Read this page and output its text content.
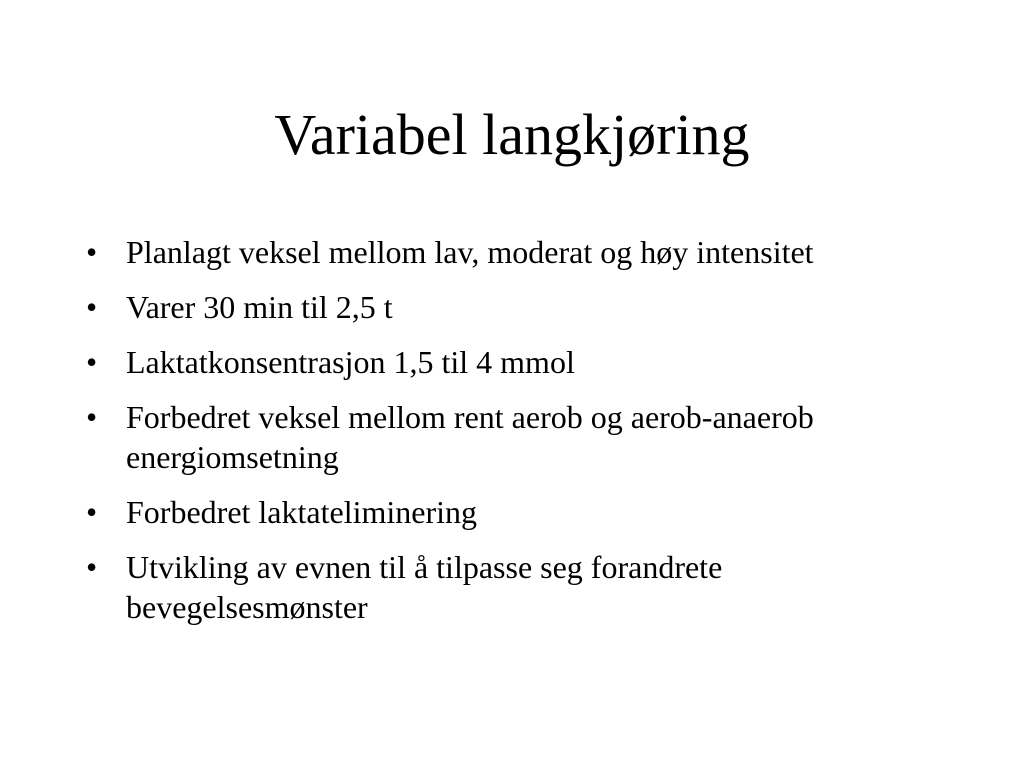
Variabel langkjøring
• Planlagt veksel mellom lav, moderat og høy intensitet
• Varer 30 min til 2,5 t
• Laktatkonsentrasjon 1,5 til 4 mmol
• Forbedret veksel mellom rent aerob og aerob-anaerob energiomsetning
• Forbedret laktateliminering
• Utvikling av evnen til å tilpasse seg forandrete bevegelsesmønster
